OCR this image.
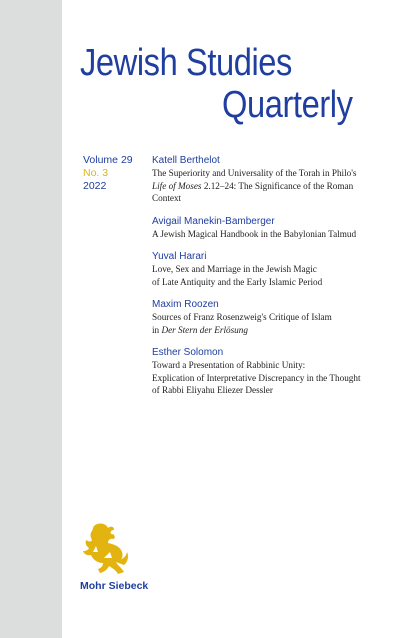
Jewish Studies
Quarterly
Volume 29
No. 3
2022
Katell Berthelot
The Superiority and Universality of the Torah in Philo's
Life of Moses 2.12–24: The Significance of the Roman
Context
Avigail Manekin-Bamberger
A Jewish Magical Handbook in the Babylonian Talmud
Yuval Harari
Love, Sex and Marriage in the Jewish Magic
of Late Antiquity and the Early Islamic Period
Maxim Roozen
Sources of Franz Rosenzweig's Critique of Islam
in Der Stern der Erlösung
Esther Solomon
Toward a Presentation of Rabbinic Unity:
Explication of Interpretative Discrepancy in the Thought
of Rabbi Eliyahu Eliezer Dessler
Mohr Siebeck
